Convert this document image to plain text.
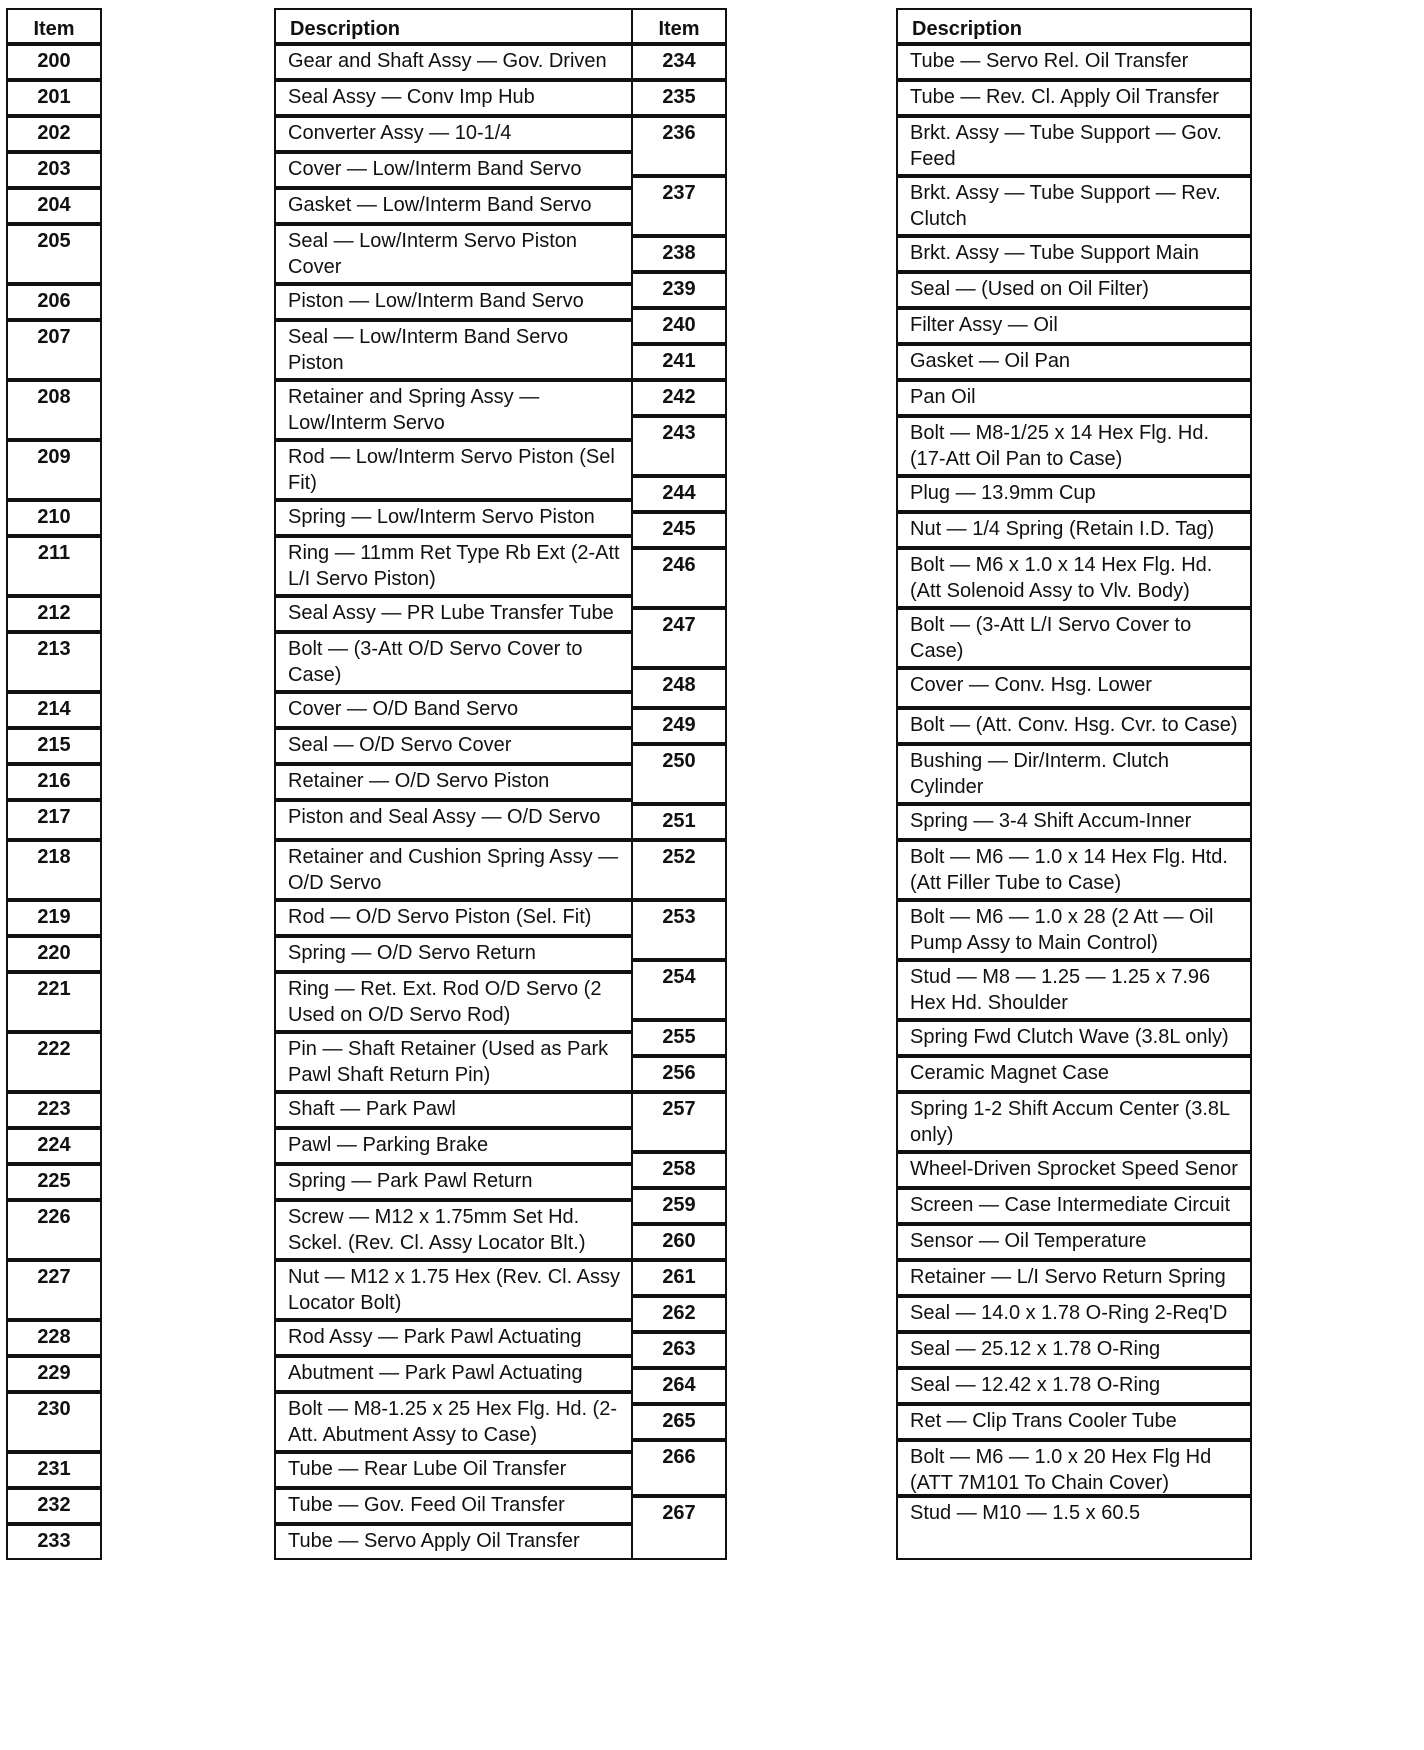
Item	Description	Item	Description
200	Gear and Shaft Assy — Gov. Driven
201	Seal Assy — Conv Imp Hub
202	Converter Assy — 10-1/4
203	Cover — Low/Interm Band Servo
204	Gasket — Low/Interm Band Servo
205	Seal — Low/Interm Servo Piston Cover
206	Piston — Low/Interm Band Servo
207	Seal — Low/Interm Band Servo Piston
208	Retainer and Spring Assy — Low/Interm Servo
209	Rod — Low/Interm Servo Piston (Sel Fit)
210	Spring — Low/Interm Servo Piston
211	Ring — 11mm Ret Type Rb Ext (2-Att L/I Servo Piston)
212	Seal Assy — PR Lube Transfer Tube
213	Bolt — (3-Att O/D Servo Cover to Case)
214	Cover — O/D Band Servo
215	Seal — O/D Servo Cover
216	Retainer — O/D Servo Piston
217	Piston and Seal Assy — O/D Servo
218	Retainer and Cushion Spring Assy — O/D Servo
219	Rod — O/D Servo Piston (Sel. Fit)
220	Spring — O/D Servo Return
221	Ring — Ret. Ext. Rod O/D Servo (2 Used on O/D Servo Rod)
222	Pin — Shaft Retainer (Used as Park Pawl Shaft Return Pin)
223	Shaft — Park Pawl
224	Pawl — Parking Brake
225	Spring — Park Pawl Return
226	Screw — M12 x 1.75mm Set Hd. Sckel. (Rev. Cl. Assy Locator Blt.)
227	Nut — M12 x 1.75 Hex (Rev. Cl. Assy Locator Bolt)
228	Rod Assy — Park Pawl Actuating
229	Abutment — Park Pawl Actuating
230	Bolt — M8-1.25 x 25 Hex Flg. Hd. (2-Att. Abutment Assy to Case)
231	Tube — Rear Lube Oil Transfer
232	Tube — Gov. Feed Oil Transfer
233	Tube — Servo Apply Oil Transfer
234	Tube — Servo Rel. Oil Transfer
235	Tube — Rev. Cl. Apply Oil Transfer
236	Brkt. Assy — Tube Support — Gov. Feed
237	Brkt. Assy — Tube Support — Rev. Clutch
238	Brkt. Assy — Tube Support Main
239	Seal — (Used on Oil Filter)
240	Filter Assy — Oil
241	Gasket — Oil Pan
242	Pan Oil
243	Bolt — M8-1/25 x 14 Hex Flg. Hd. (17-Att Oil Pan to Case)
244	Plug — 13.9mm Cup
245	Nut — 1/4 Spring (Retain I.D. Tag)
246	Bolt — M6 x 1.0 x 14 Hex Flg. Hd. (Att Solenoid Assy to Vlv. Body)
247	Bolt — (3-Att L/I Servo Cover to Case)
248	Cover — Conv. Hsg. Lower
249	Bolt — (Att. Conv. Hsg. Cvr. to Case)
250	Bushing — Dir/Interm. Clutch Cylinder
251	Spring — 3-4 Shift Accum-Inner
252	Bolt — M6 — 1.0 x 14 Hex Flg. Htd. (Att Filler Tube to Case)
253	Bolt — M6 — 1.0 x 28 (2 Att — Oil Pump Assy to Main Control)
254	Stud — M8 — 1.25 — 1.25 x 7.96 Hex Hd. Shoulder
255	Spring Fwd Clutch Wave (3.8L only)
256	Ceramic Magnet Case
257	Spring 1-2 Shift Accum Center (3.8L only)
258	Wheel-Driven Sprocket Speed Senor
259	Screen — Case Intermediate Circuit
260	Sensor — Oil Temperature
261	Retainer — L/I Servo Return Spring
262	Seal — 14.0 x 1.78 O-Ring 2-Req'D
263	Seal — 25.12 x 1.78 O-Ring
264	Seal — 12.42 x 1.78 O-Ring
265	Ret — Clip Trans Cooler Tube
266	Bolt — M6 — 1.0 x 20 Hex Flg Hd (ATT 7M101 To Chain Cover)
267	Stud — M10 — 1.5 x 60.5
